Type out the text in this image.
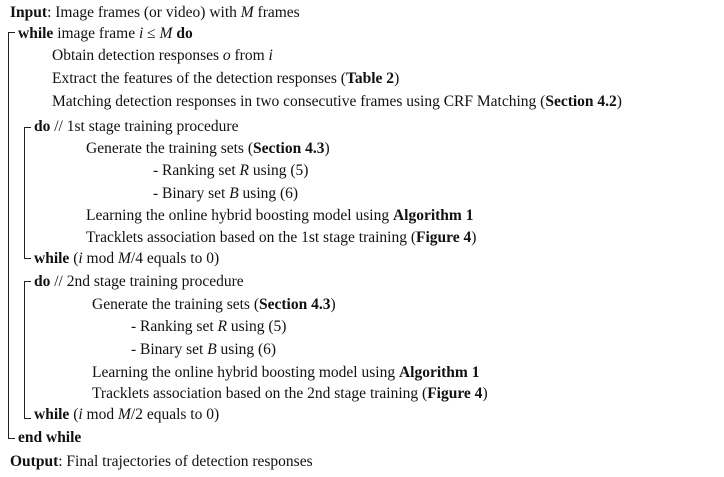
Input: Image frames (or video) with M frames
while image frame i ≤ M do
Obtain detection responses o from i
Extract the features of the detection responses (Table 2)
Matching detection responses in two consecutive frames using CRF Matching (Section 4.2)
do // 1st stage training procedure
Generate the training sets (Section 4.3)
- Ranking set R using (5)
- Binary set B using (6)
Learning the online hybrid boosting model using Algorithm 1
Tracklets association based on the 1st stage training (Figure 4)
while (i mod M/4 equals to 0)
do // 2nd stage training procedure
Generate the training sets (Section 4.3)
- Ranking set R using (5)
- Binary set B using (6)
Learning the online hybrid boosting model using Algorithm 1
Tracklets association based on the 2nd stage training (Figure 4)
while (i mod M/2 equals to 0)
end while
Output: Final trajectories of detection responses
